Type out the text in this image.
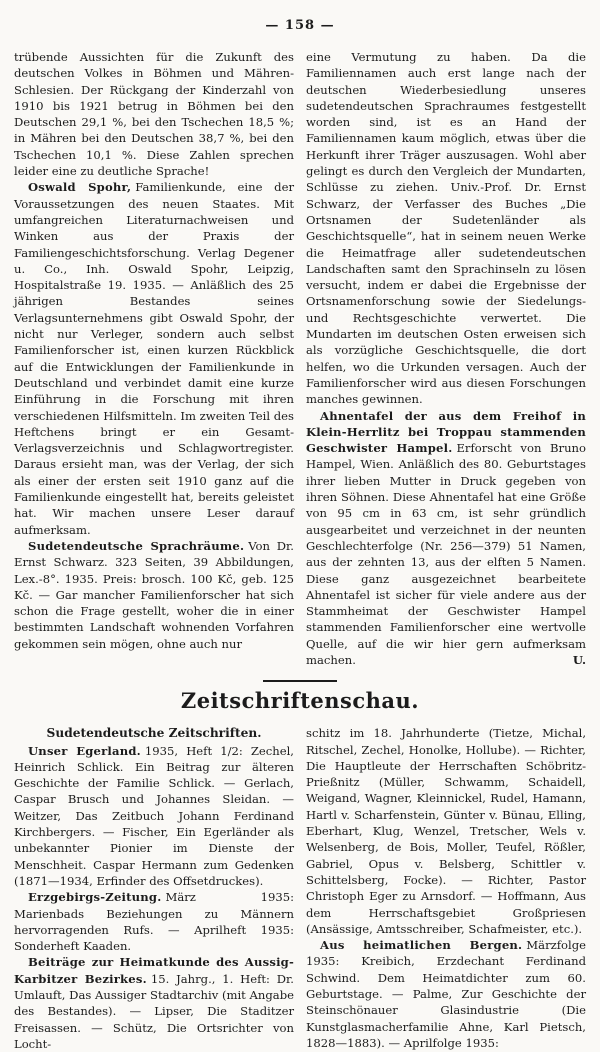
— 158 —

trübende Aussichten für die Zukunft des deutschen Volkes in Böhmen und Mähren-Schlesien. Der Rückgang der Kinderzahl von 1910 bis 1921 betrug in Böhmen bei den Deutschen 29,1 %, bei den Tschechen 18,5 %; in Mähren bei den Deutschen 38,7 %, bei den Tschechen 10,1 %. Diese Zahlen sprechen leider eine zu deutliche Sprache!

Oswald Spohr, Familienkunde, eine der Voraussetzungen des neuen Staates. Mit umfangreichen Literaturnachweisen und Winken aus der Praxis der Familiengeschichtsforschung. Verlag Degener u. Co., Inh. Oswald Spohr, Leipzig, Hospitalstraße 19. 1935. — Anläßlich des 25 jährigen Bestandes seines Verlagsunternehmens gibt Oswald Spohr, der nicht nur Verleger, sondern auch selbst Familienforscher ist, einen kurzen Rückblick auf die Entwicklungen der Familienkunde in Deutschland und verbindet damit eine kurze Einführung in die Forschung mit ihren verschiedenen Hilfsmitteln. Im zweiten Teil des Heftchens bringt er ein Gesamt-Verlagsverzeichnis und Schlagwortregister. Daraus ersieht man, was der Verlag, der sich als einer der ersten seit 1910 ganz auf die Familienkunde eingestellt hat, bereits geleistet hat. Wir machen unsere Leser darauf aufmerksam.

Sudetendeutsche Sprachräume. Von Dr. Ernst Schwarz. 323 Seiten, 39 Abbildungen, Lex.-8°. 1935. Preis: brosch. 100 Kč, geb. 125 Kč. — Gar mancher Familienforscher hat sich schon die Frage gestellt, woher die in einer bestimmten Landschaft wohnenden Vorfahren gekommen sein mögen, ohne auch nur

eine Vermutung zu haben. Da die Familiennamen auch erst lange nach der deutschen Wiederbesiedlung unseres sudetendeutschen Sprachraumes festgestellt worden sind, ist es an Hand der Familiennamen kaum möglich, etwas über die Herkunft ihrer Träger auszusagen. Wohl aber gelingt es durch den Vergleich der Mundarten, Schlüsse zu ziehen. Univ.-Prof. Dr. Ernst Schwarz, der Verfasser des Buches „Die Ortsnamen der Sudetenländer als Geschichtsquelle“, hat in seinem neuen Werke die Heimatfrage aller sudetendeutschen Landschaften samt den Sprachinseln zu lösen versucht, indem er dabei die Ergebnisse der Ortsnamenforschung sowie der Siedelungs- und Rechtsgeschichte verwertet. Die Mundarten im deutschen Osten erweisen sich als vorzügliche Geschichtsquelle, die dort helfen, wo die Urkunden versagen. Auch der Familienforscher wird aus diesen Forschungen manches gewinnen.

Ahnentafel der aus dem Freihof in Klein-Herrlitz bei Troppau stammenden Geschwister Hampel. Erforscht von Bruno Hampel, Wien. Anläßlich des 80. Geburtstages ihrer lieben Mutter in Druck gegeben von ihren Söhnen. Diese Ahnentafel hat eine Größe von 95 cm in 63 cm, ist sehr gründlich ausgearbeitet und verzeichnet in der neunten Geschlechterfolge (Nr. 256—379) 51 Namen, aus der zehnten 13, aus der elften 5 Namen. Diese ganz ausgezeichnet bearbeitete Ahnentafel ist sicher für viele andere aus der Stammheimat der Geschwister Hampel stammenden Familienforscher eine wertvolle Quelle, auf die wir hier gern aufmerksam machen.	U.

Zeitschriftenschau.

Sudetendeutsche Zeitschriften.

Unser Egerland. 1935, Heft 1/2: Zechel, Heinrich Schlick. Ein Beitrag zur älteren Geschichte der Familie Schlick. — Gerlach, Caspar Brusch und Johannes Sleidan. — Weitzer, Das Zeitbuch Johann Ferdinand Kirchbergers. — Fischer, Ein Egerländer als unbekannter Pionier im Dienste der Menschheit. Caspar Hermann zum Gedenken (1871—1934, Erfinder des Offsetdruckes).

Erzgebirgs-Zeitung. März 1935: Marienbads Beziehungen zu Männern hervorragenden Rufs. — Aprilheft 1935: Sonderheft Kaaden.

Beiträge zur Heimatkunde des Aussig-Karbitzer Bezirkes. 15. Jahrg., 1. Heft: Dr. Umlauft, Das Aussiger Stadtarchiv (mit Angabe des Bestandes). — Lipser, Die Staditzer Freisassen. — Schütz, Die Ortsrichter von Locht-

schitz im 18. Jahrhunderte (Tietze, Michal, Ritschel, Zechel, Honolke, Hollube). — Richter, Die Hauptleute der Herrschaften Schöbritz-Prießnitz (Müller, Schwamm, Schaidell, Weigand, Wagner, Kleinnickel, Rudel, Hamann, Hartl v. Scharfenstein, Günter v. Bünau, Elling, Eberhart, Klug, Wenzel, Tretscher, Wels v. Welsenberg, de Bois, Moller, Teufel, Rößler, Gabriel, Opus v. Belsberg, Schittler v. Schittelsberg, Focke). — Richter, Pastor Christoph Eger zu Arnsdorf. — Hoffmann, Aus dem Herrschaftsgebiet Großpriesen (Ansässige, Amtsschreiber, Schafmeister, etc.).

Aus heimatlichen Bergen. Märzfolge 1935: Kreibich, Erzdechant Ferdinand Schwind. Dem Heimatdichter zum 60. Geburtstage. — Palme, Zur Geschichte der Steinschönauer Glasindustrie (Die Kunstglasmacherfamilie Ahne, Karl Pietsch, 1828—1883). — Aprilfolge 1935:
